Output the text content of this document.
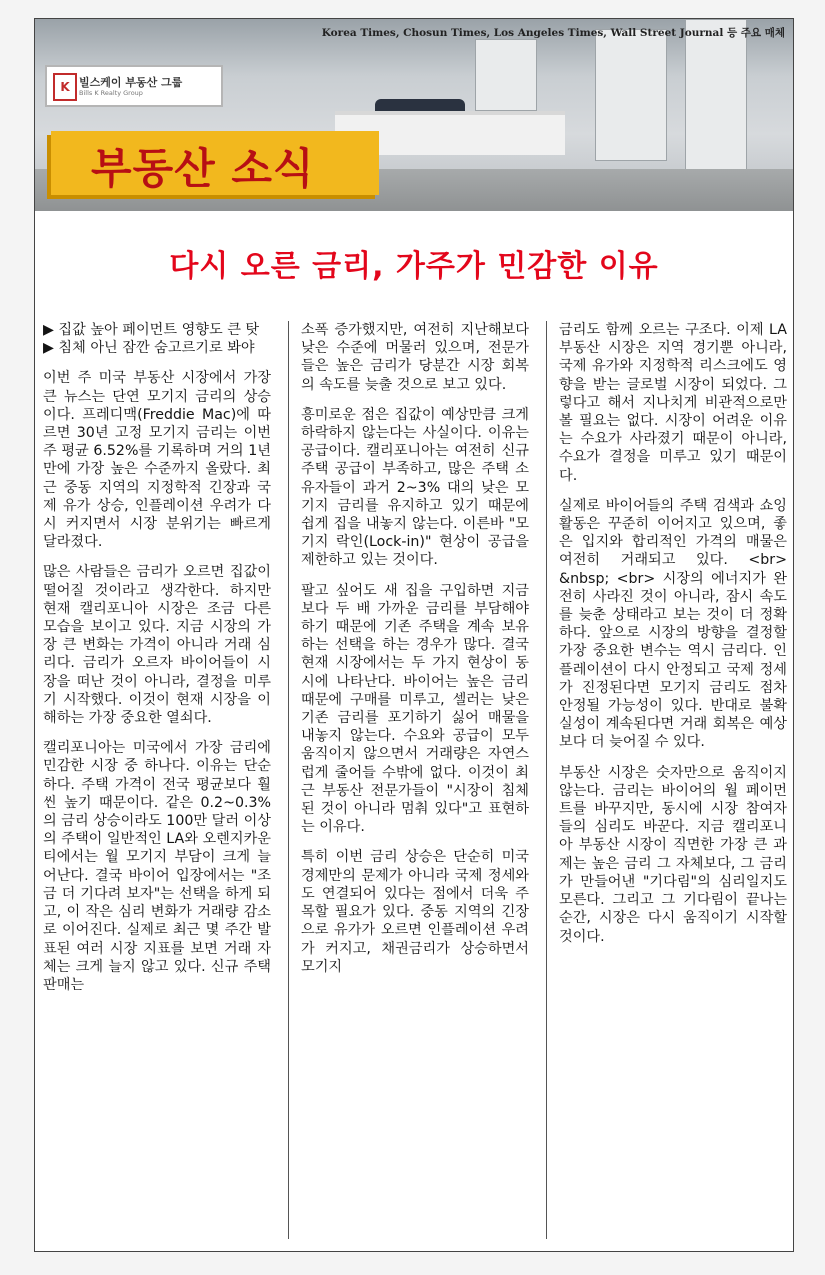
Korea Times, Chosun Times, Los Angeles Times, Wall Street Journal 등 주요 매체
K 빌스케이 부동산 그룹
Bills K Realty Group
부동산 소식
다시 오른 금리, 가주가 민감한 이유

▶ 집값 높아 페이먼트 영향도 큰 탓
▶ 침체 아닌 잠깐 숨고르기로 봐야

이번 주 미국 부동산 시장에서 가장 큰 뉴스는 단연 모기지 금리의 상승이다. 프레디맥(Freddie Mac)에 따르면 30년 고정 모기지 금리는 이번 주 평균 6.52%를 기록하며 거의 1년 만에 가장 높은 수준까지 올랐다. 최근 중동 지역의 지정학적 긴장과 국제 유가 상승, 인플레이션 우려가 다시 커지면서 시장 분위기는 빠르게 달라졌다.

많은 사람들은 금리가 오르면 집값이 떨어질 것이라고 생각한다. 하지만 현재 캘리포니아 시장은 조금 다른 모습을 보이고 있다. 지금 시장의 가장 큰 변화는 가격이 아니라 거래 심리다. 금리가 오르자 바이어들이 시장을 떠난 것이 아니라, 결정을 미루기 시작했다. 이것이 현재 시장을 이해하는 가장 중요한 열쇠다.

캘리포니아는 미국에서 가장 금리에 민감한 시장 중 하나다. 이유는 단순하다. 주택 가격이 전국 평균보다 훨씬 높기 때문이다. 같은 0.2~0.3%의 금리 상승이라도 100만 달러 이상의 주택이 일반적인 LA와 오렌지카운티에서는 월 모기지 부담이 크게 늘어난다. 결국 바이어 입장에서는 "조금 더 기다려 보자"는 선택을 하게 되고, 이 작은 심리 변화가 거래량 감소로 이어진다. 실제로 최근 몇 주간 발표된 여러 시장 지표를 보면 거래 자체는 크게 늘지 않고 있다. 신규 주택 판매는

소폭 증가했지만, 여전히 지난해보다 낮은 수준에 머물러 있으며, 전문가들은 높은 금리가 당분간 시장 회복의 속도를 늦출 것으로 보고 있다.

흥미로운 점은 집값이 예상만큼 크게 하락하지 않는다는 사실이다. 이유는 공급이다. 캘리포니아는 여전히 신규 주택 공급이 부족하고, 많은 주택 소유자들이 과거 2~3% 대의 낮은 모기지 금리를 유지하고 있기 때문에 쉽게 집을 내놓지 않는다. 이른바 "모기지 락인(Lock-in)" 현상이 공급을 제한하고 있는 것이다.

팔고 싶어도 새 집을 구입하면 지금보다 두 배 가까운 금리를 부담해야 하기 때문에 기존 주택을 계속 보유하는 선택을 하는 경우가 많다. 결국 현재 시장에서는 두 가지 현상이 동시에 나타난다. 바이어는 높은 금리 때문에 구매를 미루고, 셀러는 낮은 기존 금리를 포기하기 싫어 매물을 내놓지 않는다. 수요와 공급이 모두 움직이지 않으면서 거래량은 자연스럽게 줄어들 수밖에 없다. 이것이 최근 부동산 전문가들이 "시장이 침체된 것이 아니라 멈춰 있다"고 표현하는 이유다.

특히 이번 금리 상승은 단순히 미국 경제만의 문제가 아니라 국제 정세와도 연결되어 있다는 점에서 더욱 주목할 필요가 있다. 중동 지역의 긴장으로 유가가 오르면 인플레이션 우려가 커지고, 채권금리가 상승하면서 모기지

금리도 함께 오르는 구조다. 이제 LA 부동산 시장은 지역 경기뿐 아니라, 국제 유가와 지정학적 리스크에도 영향을 받는 글로벌 시장이 되었다. 그렇다고 해서 지나치게 비관적으로만 볼 필요는 없다. 시장이 어려운 이유는 수요가 사라졌기 때문이 아니라, 수요가 결정을 미루고 있기 때문이다.

실제로 바이어들의 주택 검색과 쇼잉 활동은 꾸준히 이어지고 있으며, 좋은 입지와 합리적인 가격의 매물은 여전히 거래되고 있다. <br> &nbsp; <br> 시장의 에너지가 완전히 사라진 것이 아니라, 잠시 속도를 늦춘 상태라고 보는 것이 더 정확하다. 앞으로 시장의 방향을 결정할 가장 중요한 변수는 역시 금리다. 인플레이션이 다시 안정되고 국제 정세가 진정된다면 모기지 금리도 점차 안정될 가능성이 있다. 반대로 불확실성이 계속된다면 거래 회복은 예상보다 더 늦어질 수 있다.

부동산 시장은 숫자만으로 움직이지 않는다. 금리는 바이어의 월 페이먼트를 바꾸지만, 동시에 시장 참여자들의 심리도 바꾼다. 지금 캘리포니아 부동산 시장이 직면한 가장 큰 과제는 높은 금리 그 자체보다, 그 금리가 만들어낸 "기다림"의 심리일지도 모른다. 그리고 그 기다림이 끝나는 순간, 시장은 다시 움직이기 시작할 것이다.
